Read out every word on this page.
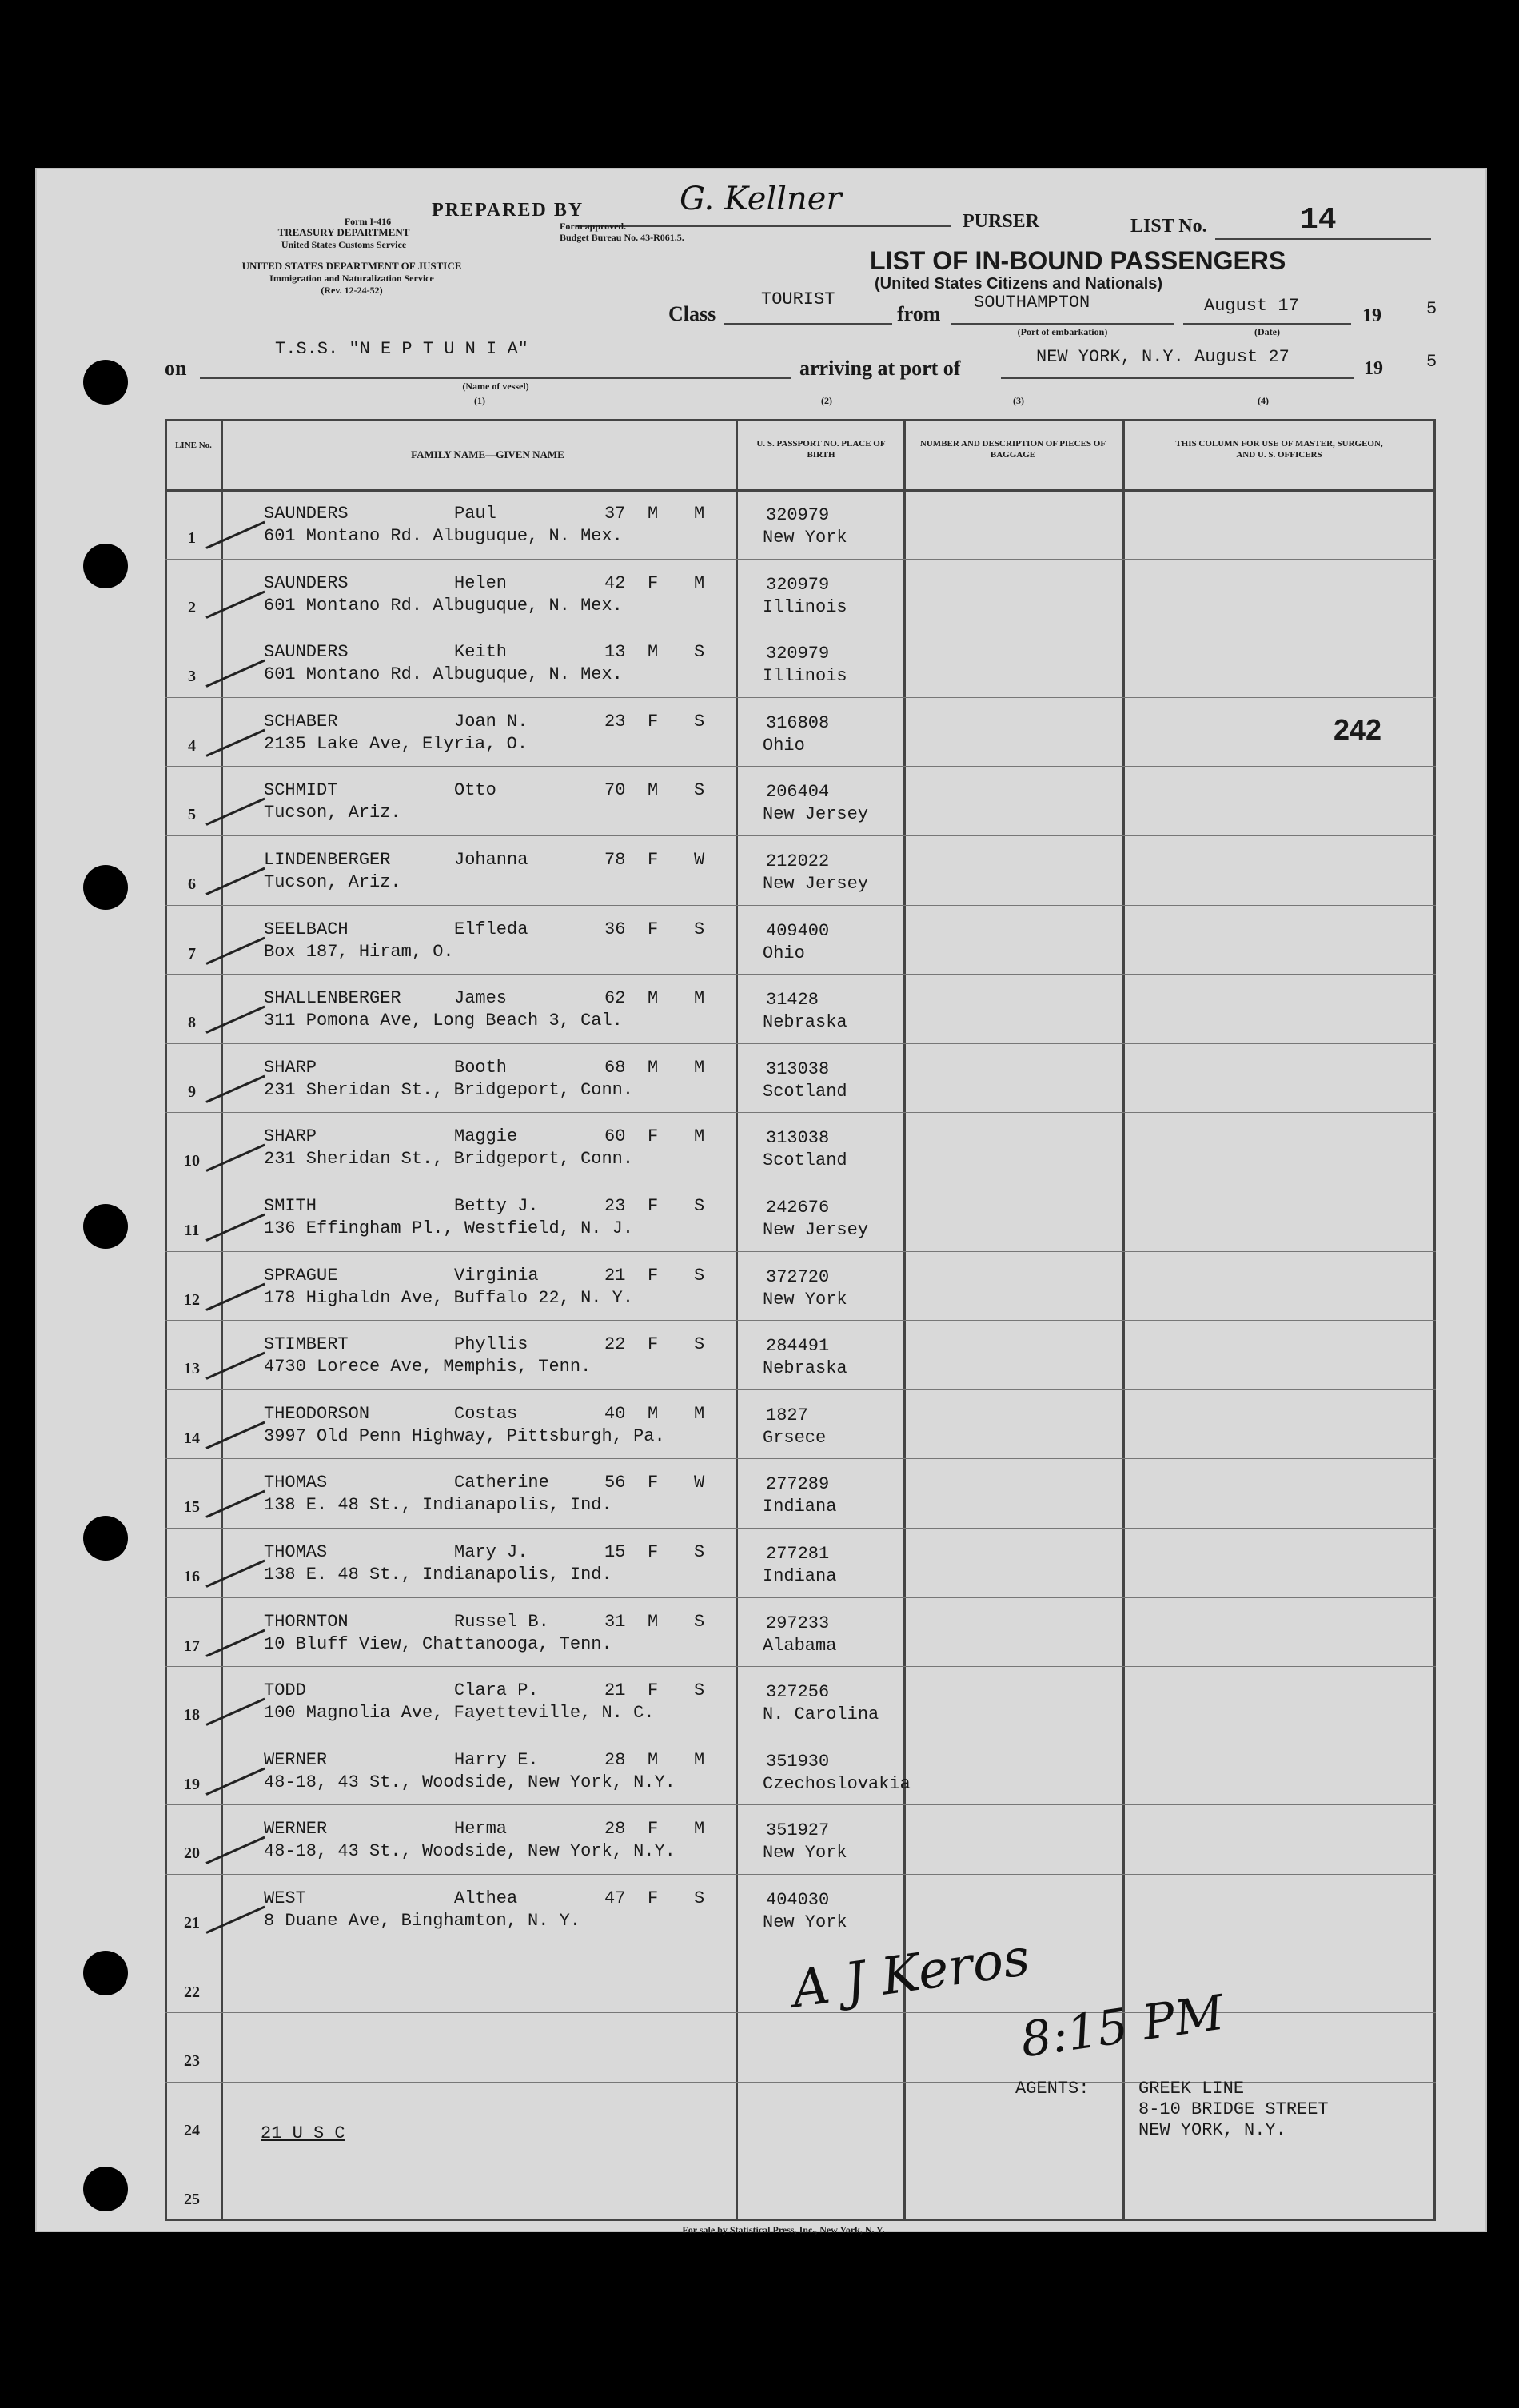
Form I-416
TREASURY DEPARTMENT
United States Customs Service
UNITED STATES DEPARTMENT OF JUSTICE
Immigration and Naturalization Service
(Rev. 12-24-52)
PREPARED BY	G. Kellner
Form approved.
Budget Bureau No. 43-R061.5.
PURSER	LIST No.	14
LIST OF IN-BOUND PASSENGERS
(United States Citizens and Nationals)
Class
TOURIST
from SOUTHAMPTON
(Port of embarkation)
August 17
(Date)
19	5
on
T.S.S. "N E P T U N I A"
(Name of vessel)
arriving at port of	NEW YORK, N.Y. August 27
19 5
(1)	(2)	(3)	(4)
LINE No.
FAMILY NAME—GIVEN NAME
U. S. PASSPORT NO. PLACE OF BIRTH
NUMBER AND DESCRIPTION OF PIECES OF BAGGAGE
THIS COLUMN FOR USE OF MASTER, SURGEON, AND U. S. OFFICERS
1
SAUNDERS	Paul	37 M M
601 Montano Rd. Albuguque, N. Mex.
320979
New York
2
SAUNDERS	Helen	42 F M
601 Montano Rd. Albuguque, N. Mex.
320979
Illinois
3
SAUNDERS	Keith	13 M S
601 Montano Rd. Albuguque, N. Mex.
320979
Illinois
4
SCHABER	Joan N.	23 F S
2135 Lake Ave, Elyria, O.
316808
Ohio
5
SCHMIDT	Otto	70 M S
Tucson, Ariz.
206404
New Jersey
6
LINDENBERGER	Johanna	78 F W
Tucson, Ariz.
212022
New Jersey
7
SEELBACH	Elfleda	36 F S
Box 187, Hiram, O.
409400
Ohio
8
SHALLENBERGER	James	62 M M
311 Pomona Ave, Long Beach 3, Cal.
31428
Nebraska
9
SHARP	Booth	68 M M
231 Sheridan St., Bridgeport, Conn.
313038
Scotland
10
SHARP	Maggie	60 F M
231 Sheridan St., Bridgeport, Conn.
313038
Scotland
11
SMITH	Betty J.	23 F S
136 Effingham Pl., Westfield, N. J.
242676
New Jersey
12
SPRAGUE	Virginia	21 F S
178 Highaldn Ave, Buffalo 22, N. Y.
372720
New York
13
STIMBERT	Phyllis	22 F S
4730 Lorece Ave, Memphis, Tenn.
284491
Nebraska
14
THEODORSON	Costas	40 M M
3997 Old Penn Highway, Pittsburgh, Pa.
1827
Grsece
15
THOMAS	Catherine	56 F W
138 E. 48 St., Indianapolis, Ind.
277289
Indiana
16
THOMAS	Mary J.	15 F S
138 E. 48 St., Indianapolis, Ind.
277281
Indiana
17
THORNTON	Russel B.	31 M S
10 Bluff View, Chattanooga, Tenn.
297233
Alabama
18
TODD	Clara P.	21 F S
100 Magnolia Ave, Fayetteville, N. C.
327256
N. Carolina
19
WERNER	Harry E.	28 M M
48-18, 43 St., Woodside, New York, N.Y.
351930
Czechoslovakia
20
WERNER	Herma	28 F M
48-18, 43 St., Woodside, New York, N.Y.
351927
New York
21
WEST	Althea	47 F S
8 Duane Ave, Binghamton, N. Y.
404030
New York
22
23
24
25
242
A J Keros
8:15 PM
AGENTS:	GREEK LINE
8-10 BRIDGE STREET
NEW YORK, N.Y.
21 U S C
For sale by Statistical Press, Inc., New York, N. Y.
